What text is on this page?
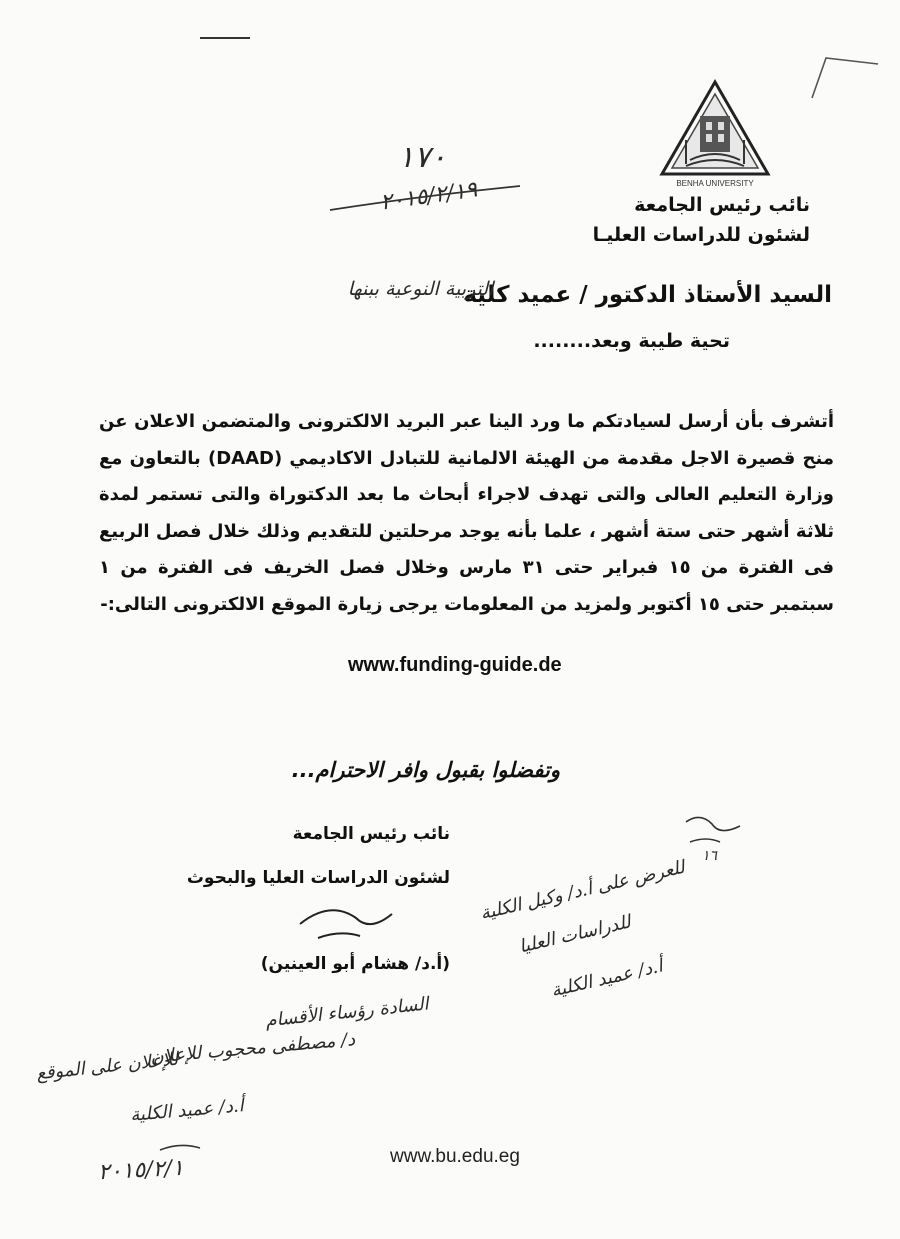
BENHA UNIVERSITY
نائب رئيس الجامعة
لشئون للدراسات العليـا
١٧٠
٢٠١٥/٢/١٩
السيد الأستاذ الدكتور / عميد كلية
التربية النوعية ببنها
تحية طيبة وبعد........
أتشرف بأن أرسل لسيادتكم ما ورد الينا عبر البريد الالكترونى والمتضمن الاعلان عن منح قصيرة الاجل مقدمة من الهيئة الالمانية للتبادل الاكاديمي (DAAD) بالتعاون مع وزارة التعليم العالى والتى تهدف لاجراء أبحاث ما بعد الدكتوراة والتى تستمر لمدة ثلاثة أشهر حتى ستة أشهر ، علما بأنه يوجد مرحلتين للتقديم وذلك خلال فصل الربيع فى الفترة من ١٥ فبراير حتى ٣١ مارس وخلال فصل الخريف فى الفترة من ١ سبتمبر حتى ١٥ أكتوبر ولمزيد من المعلومات يرجى زيارة الموقع الالكترونى التالى:-
www.funding-guide.de
وتفضلوا بقبول وافر الاحترام...
نائب رئيس الجامعة
لشئون الدراسات العليا والبحوث
(أ.د/ هشام أبو العينين)
١٦
للعرض على أ.د/ وكيل الكلية
للدراسات العليا
أ.د/ عميد الكلية
السادة رؤساء الأقسام
د/ مصطفى محجوب للإعلان
للإعلان على الموقع
أ.د/ عميد الكلية
٢٠١٥/٢/١	www.bu.edu.eg
